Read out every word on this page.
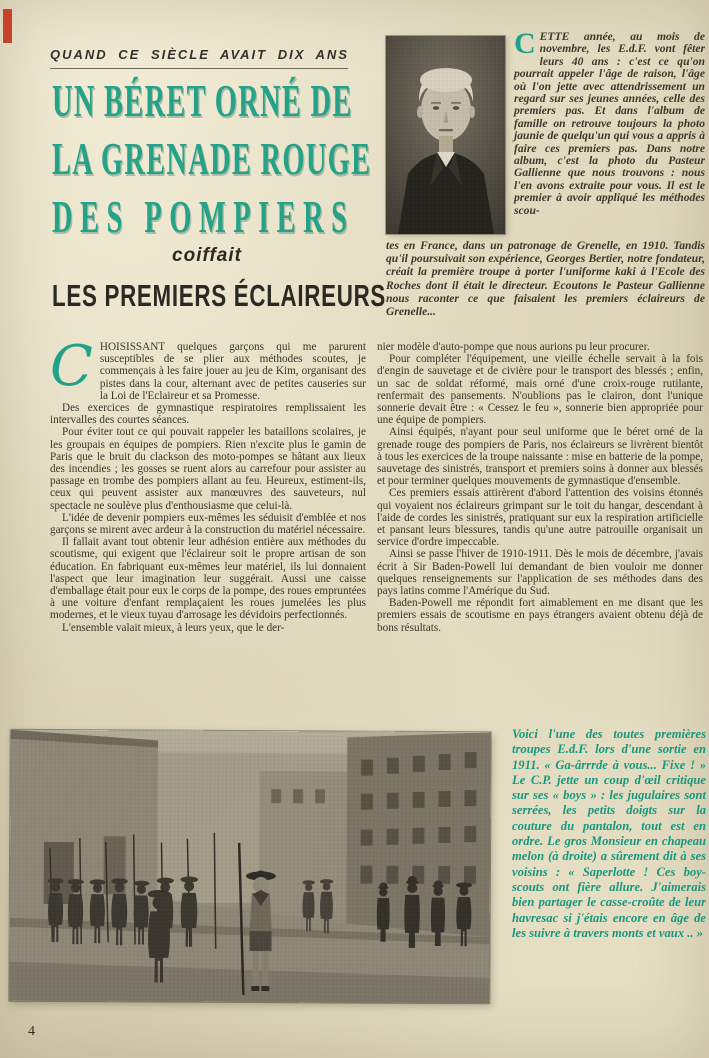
QUAND CE SIÈCLE AVAIT DIX ANS
UN BÉRET ORNÉ DE
LA GRENADE ROUGE
DES POMPIERS
coiffait
LES PREMIERS ÉCLAIREURS
CETTE année, au mois de novembre, les E.d.F. vont fêter leurs 40 ans : c'est ce qu'on pourrait appeler l'âge de raison, l'âge où l'on jette avec attendrissement un regard sur ses jeunes années, celle des premiers pas. Et dans l'album de famille on retrouve toujours la photo jaunie de quelqu'un qui vous a appris à faire ces premiers pas. Dans notre album, c'est la photo du Pasteur Gallienne que nous trouvons : nous l'en avons extraite pour vous. Il est le premier à avoir appliqué les méthodes scou-
tes en France, dans un patronage de Grenelle, en 1910. Tandis qu'il poursuivait son expérience, Georges Bertier, notre fondateur, créait la première troupe à porter l'uniforme kaki à l'Ecole des Roches dont il était le directeur. Ecoutons le Pasteur Gallienne nous raconter ce que faisaient les premiers éclaireurs de Grenelle...

CHOISISSANT quelques garçons qui me parurent susceptibles de se plier aux méthodes scoutes, je commençais à les faire jouer au jeu de Kim, organisant des pistes dans la cour, alternant avec de petites causeries sur la Loi de l'Eclaireur et sa Promesse.

Des exercices de gymnastique respiratoires remplissaient les intervalles des courtes séances.

Pour éviter tout ce qui pouvait rappeler les bataillons scolaires, je les groupais en équipes de pompiers. Rien n'excite plus le gamin de Paris que le bruit du clackson des moto-pompes se hâtant aux lieux des incendies ; les gosses se ruent alors au carrefour pour assister au passage en trombe des pompiers allant au feu. Heureux, estiment-ils, ceux qui peuvent assister aux manœuvres des sauveteurs, nul spectacle ne soulève plus d'enthousiasme que celui-là.

L'idée de devenir pompiers eux-mêmes les séduisit d'emblée et nos garçons se mirent avec ardeur à la construction du matériel nécessaire.

Il fallait avant tout obtenir leur adhésion entière aux méthodes du scoutisme, qui exigent que l'éclaireur soit le propre artisan de son éducation. En fabriquant eux-mêmes leur matériel, ils lui donnaient l'aspect que leur imagination leur suggérait. Aussi une caisse d'emballage était pour eux le corps de la pompe, des roues empruntées à une voiture d'enfant remplaçaient les roues jumelées les plus modernes, et le vieux tuyau d'arrosage les dévidoirs perfectionnés.

L'ensemble valait mieux, à leurs yeux, que le der-

nier modèle d'auto-pompe que nous aurions pu leur procurer.

Pour compléter l'équipement, une vieille échelle servait à la fois d'engin de sauvetage et de civière pour le transport des blessés ; enfin, un sac de soldat réformé, mais orné d'une croix-rouge rutilante, renfermait des pansements. N'oublions pas le clairon, dont l'unique sonnerie devait être : « Cessez le feu », sonnerie bien appropriée pour une équipe de pompiers.

Ainsi équipés, n'ayant pour seul uniforme que le béret orné de la grenade rouge des pompiers de Paris, nos éclaireurs se livrèrent bientôt à tous les exercices de la troupe naissante : mise en batterie de la pompe, sauvetage des sinistrés, transport et premiers soins à donner aux blessés et pour terminer quelques mouvements de gymnastique d'ensemble.

Ces premiers essais attirèrent d'abord l'attention des voisins étonnés qui voyaient nos éclaireurs grimpant sur le toit du hangar, descendant à l'aide de cordes les sinistrés, pratiquant sur eux la respiration artificielle et pansant leurs blessures, tandis qu'une autre patrouille organisait un service d'ordre impeccable.

Ainsi se passe l'hiver de 1910-1911. Dès le mois de décembre, j'avais écrit à Sir Baden-Powell lui demandant de bien vouloir me donner quelques renseignements sur l'application de ses méthodes dans des pays latins comme l'Amérique du Sud.

Baden-Powell me répondit fort aimablement en me disant que les premiers essais de scoutisme en pays étrangers avaient obtenu déjà de bons résultats.

Voici l'une des toutes premières troupes E.d.F. lors d'une sortie en 1911. « Ga-ârrrde à vous... Fixe ! » Le C.P. jette un coup d'œil critique sur ses « boys » : les jugulaires sont serrées, les petits doigts sur la couture du pantalon, tout est en ordre. Le gros Monsieur en chapeau melon (à droite) a sûrement dit à ses voisins : « Saperlotte ! Ces boy-scouts ont fière allure. J'aimerais bien partager le casse-croûte de leur havresac si j'étais encore en âge de les suivre à travers monts et vaux .. »
4
